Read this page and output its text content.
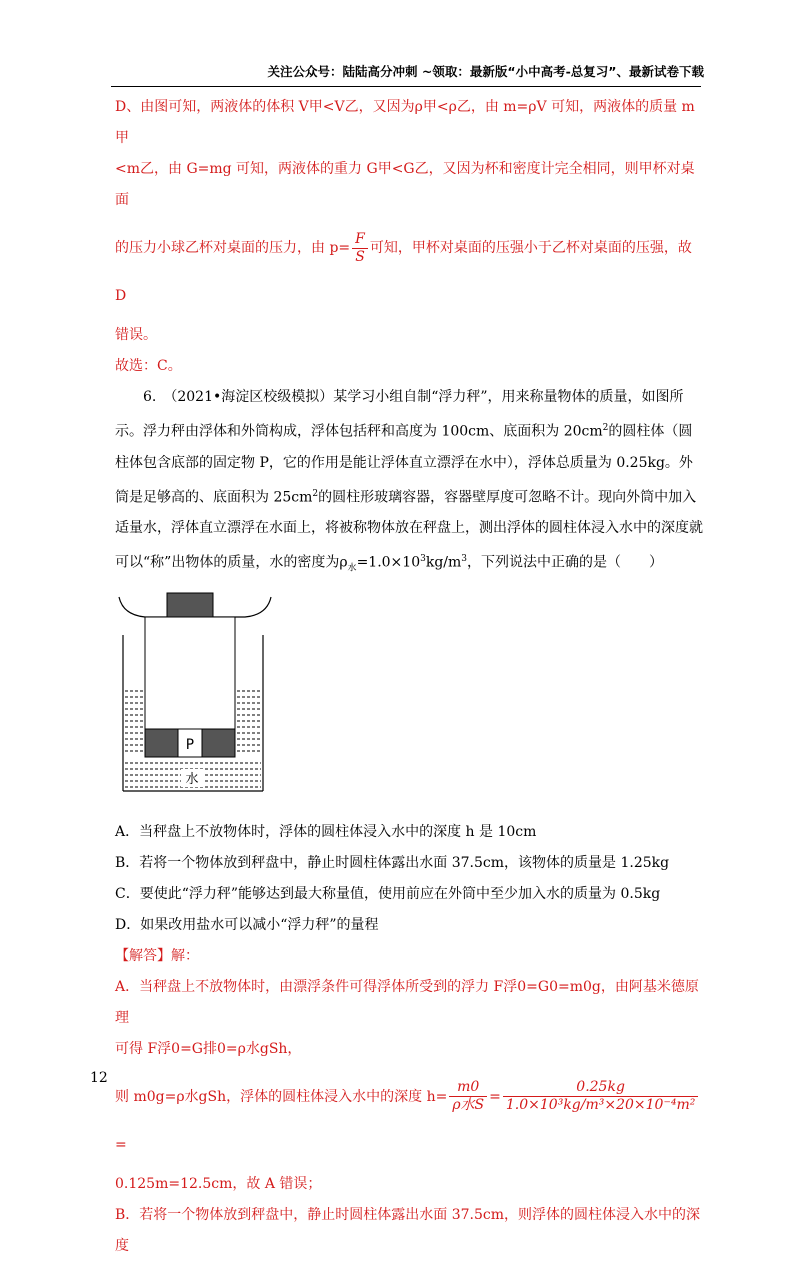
关注公众号：陆陆高分冲刺 ~领取：最新版“小中高考-总复习”、最新试卷下载

D、由图可知，两液体的体积 V甲<V乙，又因为ρ甲<ρ乙，由 m=ρV 可知，两液体的质量 m甲

<m乙，由 G=mg 可知，两液体的重力 G甲<G乙，又因为杯和密度计完全相同，则甲杯对桌面

的压力小球乙杯对桌面的压力，由 $p= \frac{F}{S}$ 可知，甲杯对桌面的压强小于乙杯对桌面的压强，故 D

错误。

故选：C。

6.　（2021•海淀区校级模拟）某学习小组自制“浮力秤”，用来称量物体的质量，如图所示。浮力秤由浮体和外筒构成，浮体包括秤和高度为 100cm、底面积为 $20cm^2$的圆柱体（圆柱体包含底部的固定物 P，它的作用是能让浮体直立漂浮在水中），浮体总质量为 0.25kg。外筒是足够高的、底面积为 $25cm^2$的圆柱形玻璃容器，容器壁厚度可忽略不计。现向外筒中加入适量水，浮体直立漂浮在水面上，将被称物体放在秤盘上，测出浮体的圆柱体浸入水中的深度就可以“称”出物体的质量，水的密度为$\rho_水=1.0\times 10^3kg/m^3$，下列说法中正确的是（　　）

P
水

A．当秤盘上不放物体时，浮体的圆柱体浸入水中的深度 h 是 10cm

B．若将一个物体放到秤盘中，静止时圆柱体露出水面 37.5cm，该物体的质量是 1.25kg

C．要使此“浮力秤”能够达到最大称量值，使用前应在外筒中至少加入水的质量为 0.5kg

D．如果改用盐水可以减小“浮力秤”的量程

【解答】解：

A．当秤盘上不放物体时，由漂浮条件可得浮体所受到的浮力 F浮0=G0=m0g，由阿基米德原理

可得 F浮0=G排0=ρ水gSh，

则 m0g=ρ水gSh，浮体的圆柱体浸入水中的深度 $h= \frac{m0}{\text{ρ水S}} = \frac{0.25kg}{\text{1.0×10³kg/m³×20×10⁻⁴m²}}$
=

0.125m=12.5cm，故 A 错误；

B．若将一个物体放到秤盘中，静止时圆柱体露出水面 37.5cm，则浮体的圆柱体浸入水中的深度

12
